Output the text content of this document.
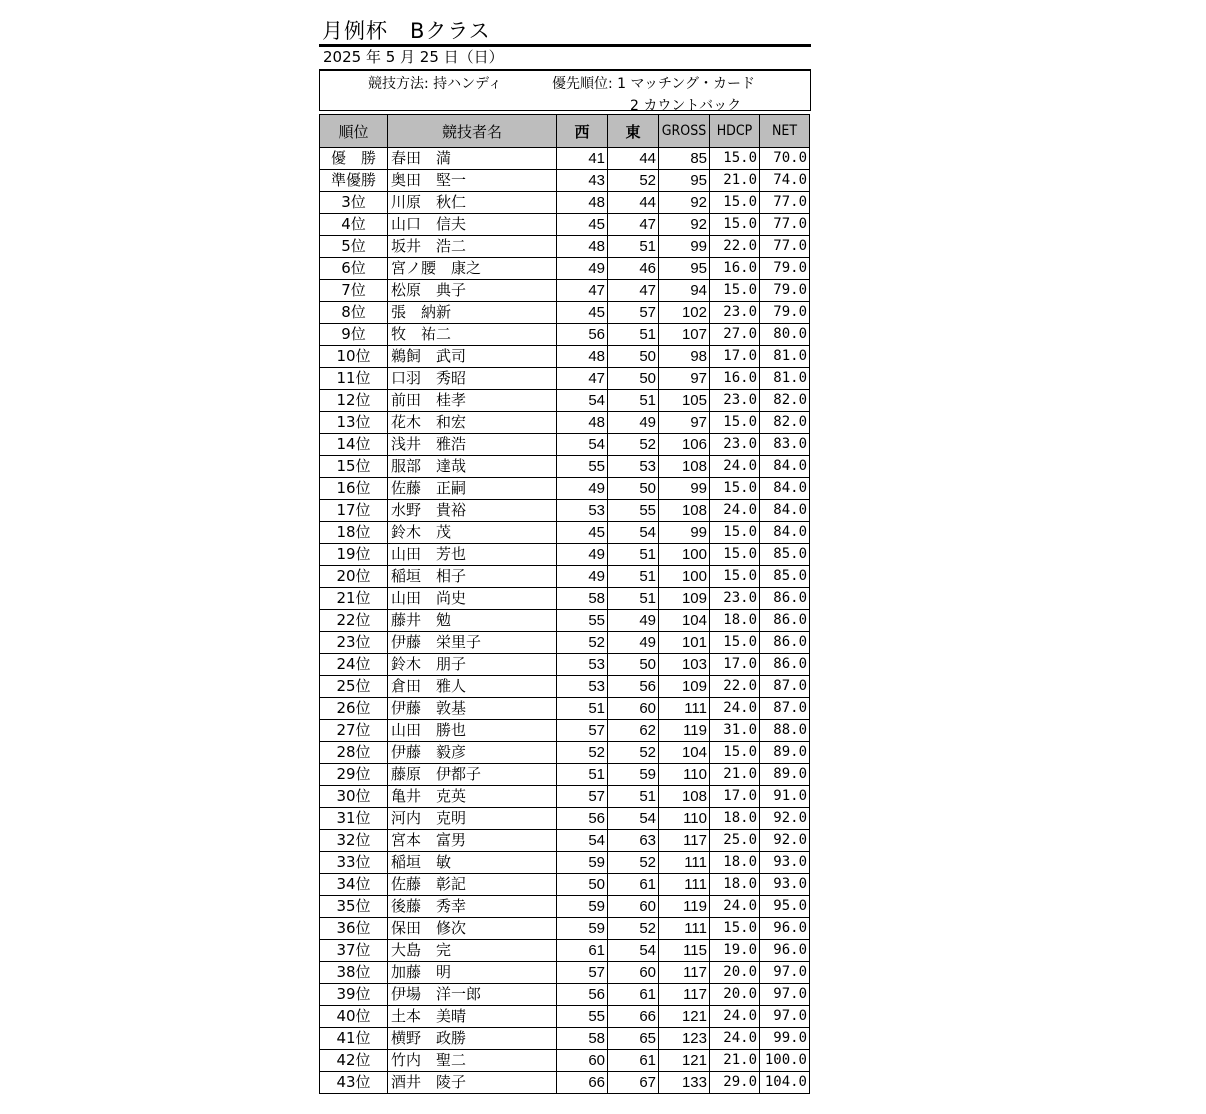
月例杯　Bクラス
2025 年 5 月 25 日（日）
競技方法: 持ハンディ	優先順位: 1 マッチング・カード
2 カウントバック
順位	競技者名	西	東	GROSS	HDCP	NET
優　勝	春田　満	41	44	85	15.0	70.0
準優勝	奥田　堅一	43	52	95	21.0	74.0
3位	川原　秋仁	48	44	92	15.0	77.0
4位	山口　信夫	45	47	92	15.0	77.0
5位	坂井　浩二	48	51	99	22.0	77.0
6位	宮ノ腰　康之	49	46	95	16.0	79.0
7位	松原　典子	47	47	94	15.0	79.0
8位	張　納新	45	57	102	23.0	79.0
9位	牧　祐二	56	51	107	27.0	80.0
10位	鵜飼　武司	48	50	98	17.0	81.0
11位	口羽　秀昭	47	50	97	16.0	81.0
12位	前田　桂孝	54	51	105	23.0	82.0
13位	花木　和宏	48	49	97	15.0	82.0
14位	浅井　雅浩	54	52	106	23.0	83.0
15位	服部　達哉	55	53	108	24.0	84.0
16位	佐藤　正嗣	49	50	99	15.0	84.0
17位	水野　貴裕	53	55	108	24.0	84.0
18位	鈴木　茂	45	54	99	15.0	84.0
19位	山田　芳也	49	51	100	15.0	85.0
20位	稲垣　相子	49	51	100	15.0	85.0
21位	山田　尚史	58	51	109	23.0	86.0
22位	藤井　勉	55	49	104	18.0	86.0
23位	伊藤　栄里子	52	49	101	15.0	86.0
24位	鈴木　朋子	53	50	103	17.0	86.0
25位	倉田　雅人	53	56	109	22.0	87.0
26位	伊藤　敦基	51	60	111	24.0	87.0
27位	山田　勝也	57	62	119	31.0	88.0
28位	伊藤　毅彦	52	52	104	15.0	89.0
29位	藤原　伊都子	51	59	110	21.0	89.0
30位	亀井　克英	57	51	108	17.0	91.0
31位	河内　克明	56	54	110	18.0	92.0
32位	宮本　富男	54	63	117	25.0	92.0
33位	稲垣　敏	59	52	111	18.0	93.0
34位	佐藤　彰記	50	61	111	18.0	93.0
35位	後藤　秀幸	59	60	119	24.0	95.0
36位	保田　修次	59	52	111	15.0	96.0
37位	大島　完	61	54	115	19.0	96.0
38位	加藤　明	57	60	117	20.0	97.0
39位	伊場　洋一郎	56	61	117	20.0	97.0
40位	土本　美晴	55	66	121	24.0	97.0
41位	横野　政勝	58	65	123	24.0	99.0
42位	竹内　聖二	60	61	121	21.0	100.0
43位	酒井　陵子	66	67	133	29.0	104.0
